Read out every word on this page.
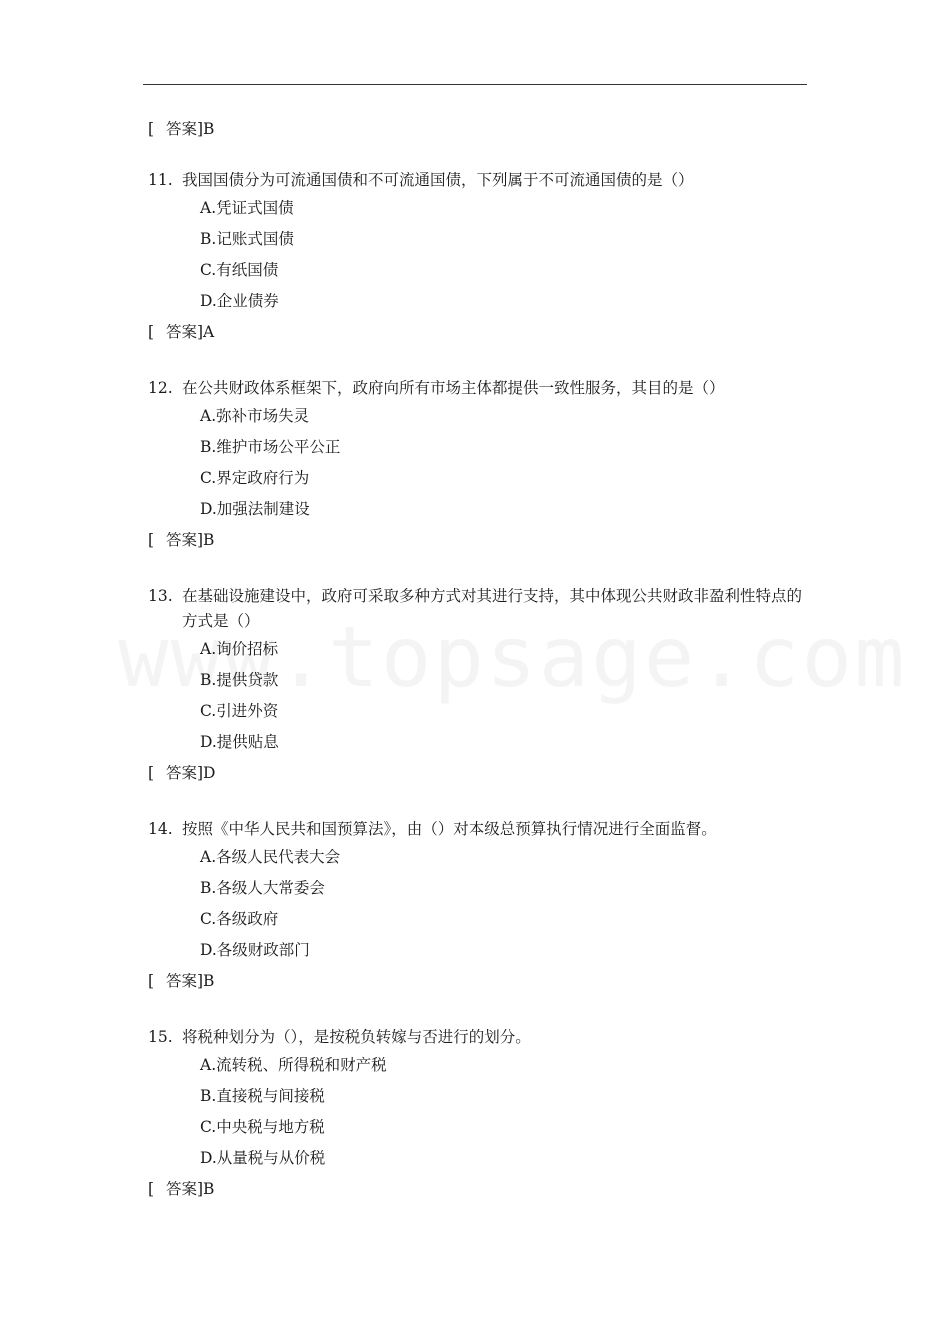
[ 答案]B
11. 我国国债分为可流通国债和不可流通国债，下列属于不可流通国债的是（）
A.凭证式国债
B.记账式国债
C.有纸国债
D.企业债券
[ 答案]A
12. 在公共财政体系框架下，政府向所有市场主体都提供一致性服务，其目的是（）
A.弥补市场失灵
B.维护市场公平公正
C.界定政府行为
D.加强法制建设
[ 答案]B
13. 在基础设施建设中，政府可采取多种方式对其进行支持，其中体现公共财政非盈利性特点的方式是（）
A.询价招标
B.提供贷款
C.引进外资
D.提供贴息
[ 答案]D
14. 按照《中华人民共和国预算法》，由（）对本级总预算执行情况进行全面监督。
A.各级人民代表大会
B.各级人大常委会
C.各级政府
D.各级财政部门
[ 答案]B
15. 将税种划分为（），是按税负转嫁与否进行的划分。
A.流转税、所得税和财产税
B.直接税与间接税
C.中央税与地方税
D.从量税与从价税
[ 答案]B
